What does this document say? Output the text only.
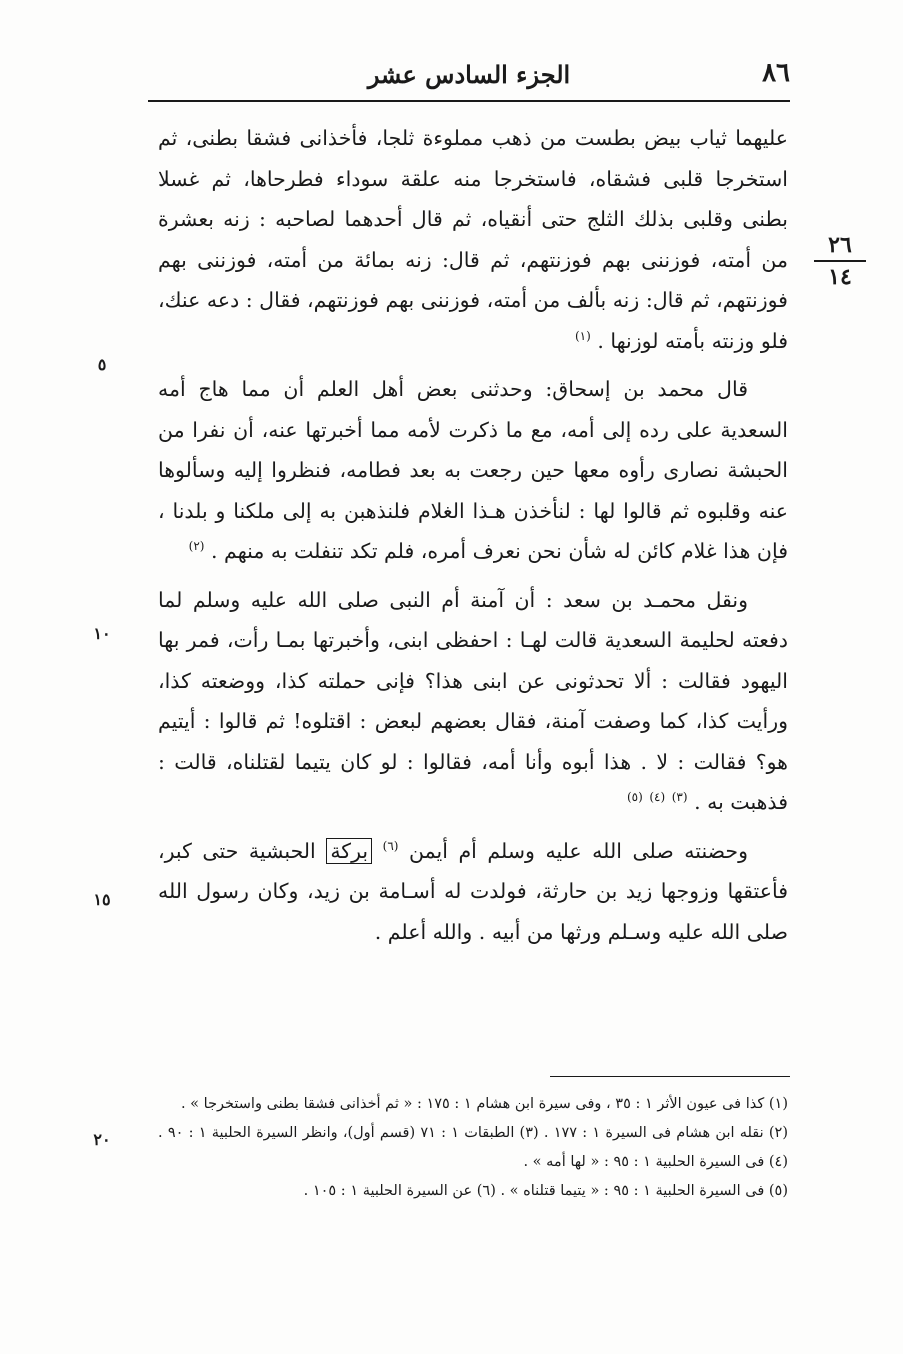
٨٦
الجزء السادس عشر
٢٦
١٤
٥
١٠
١٥
٢٠

عليهما ثياب بيض بطست من ذهب مملوءة ثلجا، فأخذانى فشقا بطنى، ثم استخرجا قلبى فشقاه، فاستخرجا منه علقة سوداء فطرحاها، ثم غسلا بطنى وقلبى بذلك الثلج حتى أنقياه، ثم قال أحدهما لصاحبه : زنه بعشرة من أمته، فوزننى بهم فوزنتهم، ثم قال: زنه بمائة من أمته، فوزننى بهم فوزنتهم، ثم قال: زنه بألف من أمته، فوزننى بهم فوزنتهم، فقال : دعه عنك، فلو وزنته بأمته لوزنها . $^{(١)}$

قال محمد بن إسحاق: وحدثنى بعض أهل العلم أن مما هاج أمه السعدية على رده إلى أمه، مع ما ذكرت لأمه مما أخبرتها عنه، أن نفرا من الحبشة نصارى رأوه معها حين رجعت به بعد فطامه، فنظروا إليه وسألوها عنه وقلبوه ثم قالوا لها : لنأخذن هـذا الغلام فلنذهبن به إلى ملكنا و بلدنا ، فإن هذا غلام كائن له شأن نحن نعرف أمره، فلم تكد تنفلت به منهم . $^{(٢)}$

ونقل محمـد بن سعد : أن آمنة أم النبى صلى الله عليه وسلم لما دفعته لحليمة السعدية قالت لهـا : احفظى ابنى، وأخبرتها بمـا رأت، فمر بها اليهود فقالت : ألا تحدثونى عن ابنى هذا؟ فإنى حملته كذا، ووضعته كذا، ورأيت كذا، كما وصفت آمنة، فقال بعضهم لبعض : اقتلوه! ثم قالوا : أيتيم هو؟ فقالت : لا . هذا أبوه وأنا أمه، فقالوا : لو كان يتيما لقتلناه، قالت : فذهبت به . $^{(٣)}$ $^{(٤)}$ $^{(٥)}$

وحضنته صلى الله عليه وسلم أم أيمن $^{(٦)}$ بركة الحبشية حتى كبر، فأعتقها وزوجها زيد بن حارثة، فولدت له أسـامة بن زيد، وكان رسول الله صلى الله عليه وسـلم ورثها من أبيه . والله أعلم .

(١) كذا فى عيون الأثر ١ : ٣٥ ، وفى سيرة ابن هشام ١ : ١٧٥ : « ثم أخذانى فشقا بطنى واستخرجا » .

(٢) نقله ابن هشام فى السيرة ١ : ١٧٧ . (٣) الطبقات ١ : ٧١ (قسم أول)، وانظر السيرة الحلبية ١ : ٩٠ . (٤) فى السيرة الحلبية ١ : ٩٥ : « لها أمه » .

(٥) فى السيرة الحلبية ١ : ٩٥ : « يتيما قتلناه » . (٦) عن السيرة الحلبية ١ : ١٠٥ .
